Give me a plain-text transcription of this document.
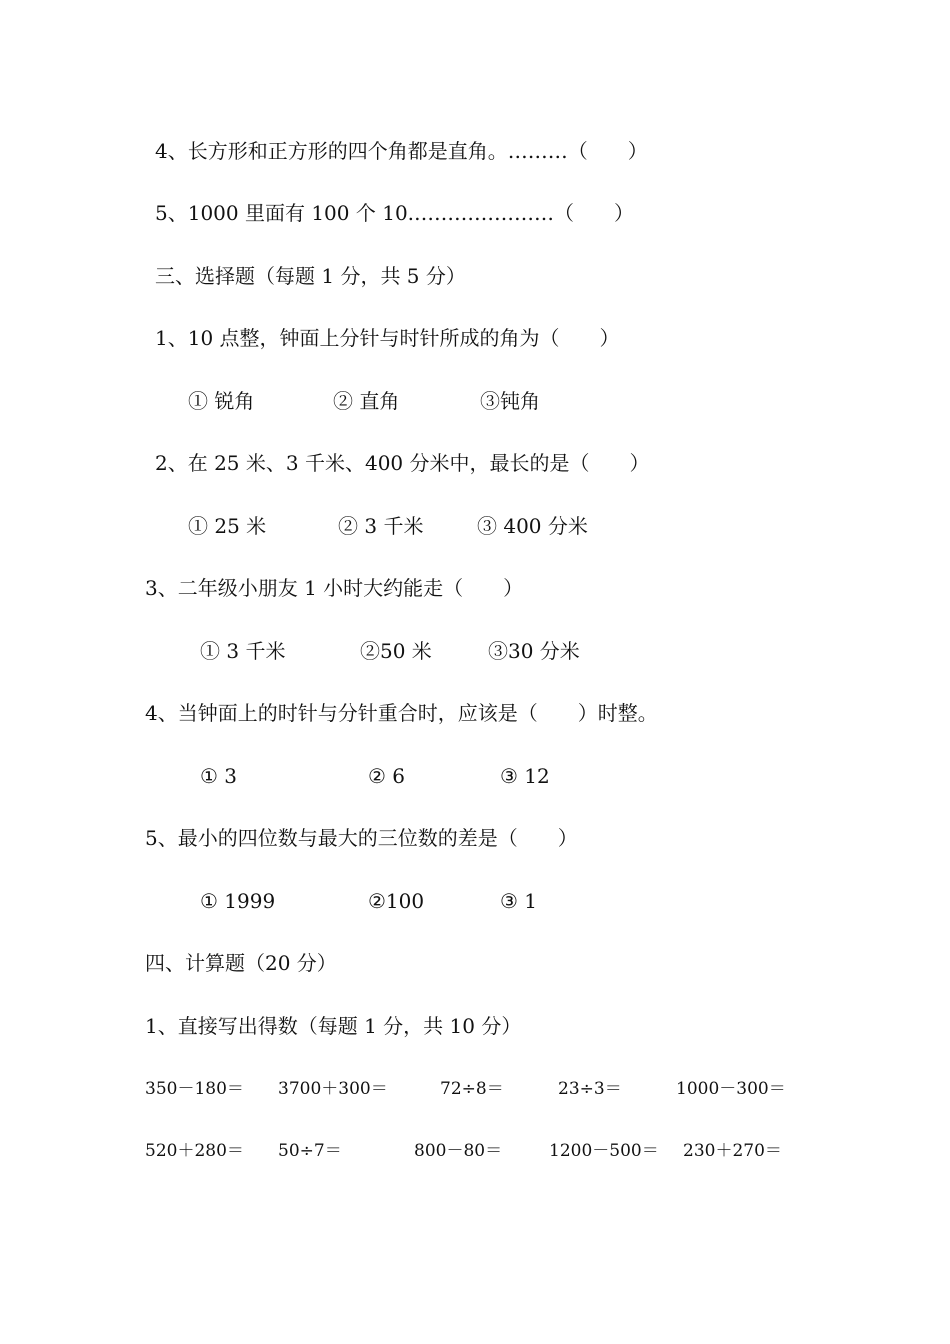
4、长方形和正方形的四个角都是直角。………（　　）
5、1000 里面有 100 个 10.…………………（　　）
三、选择题（每题 1 分，共 5 分）
1、10 点整，钟面上分针与时针所成的角为（　　）
① 锐角	② 直角	③钝角
2、在 25 米、3 千米、400 分米中，最长的是（　　）
① 25 米	② 3 千米	③ 400 分米
3、二年级小朋友 1 小时大约能走（　　）
① 3 千米	②50 米	③30 分米
4、当钟面上的时针与分针重合时，应该是（　　）时整。
① 3	② 6	③ 12
5、最小的四位数与最大的三位数的差是（　　）
① 1999	②100	③ 1
四、计算题（20 分）
1、直接写出得数（每题 1 分，共 10 分）
350－180＝ 3700＋300＝	72÷8＝	23÷3＝	1000－300＝
520＋280＝ 50÷7＝	800－80＝	1200－500＝ 230＋270＝
